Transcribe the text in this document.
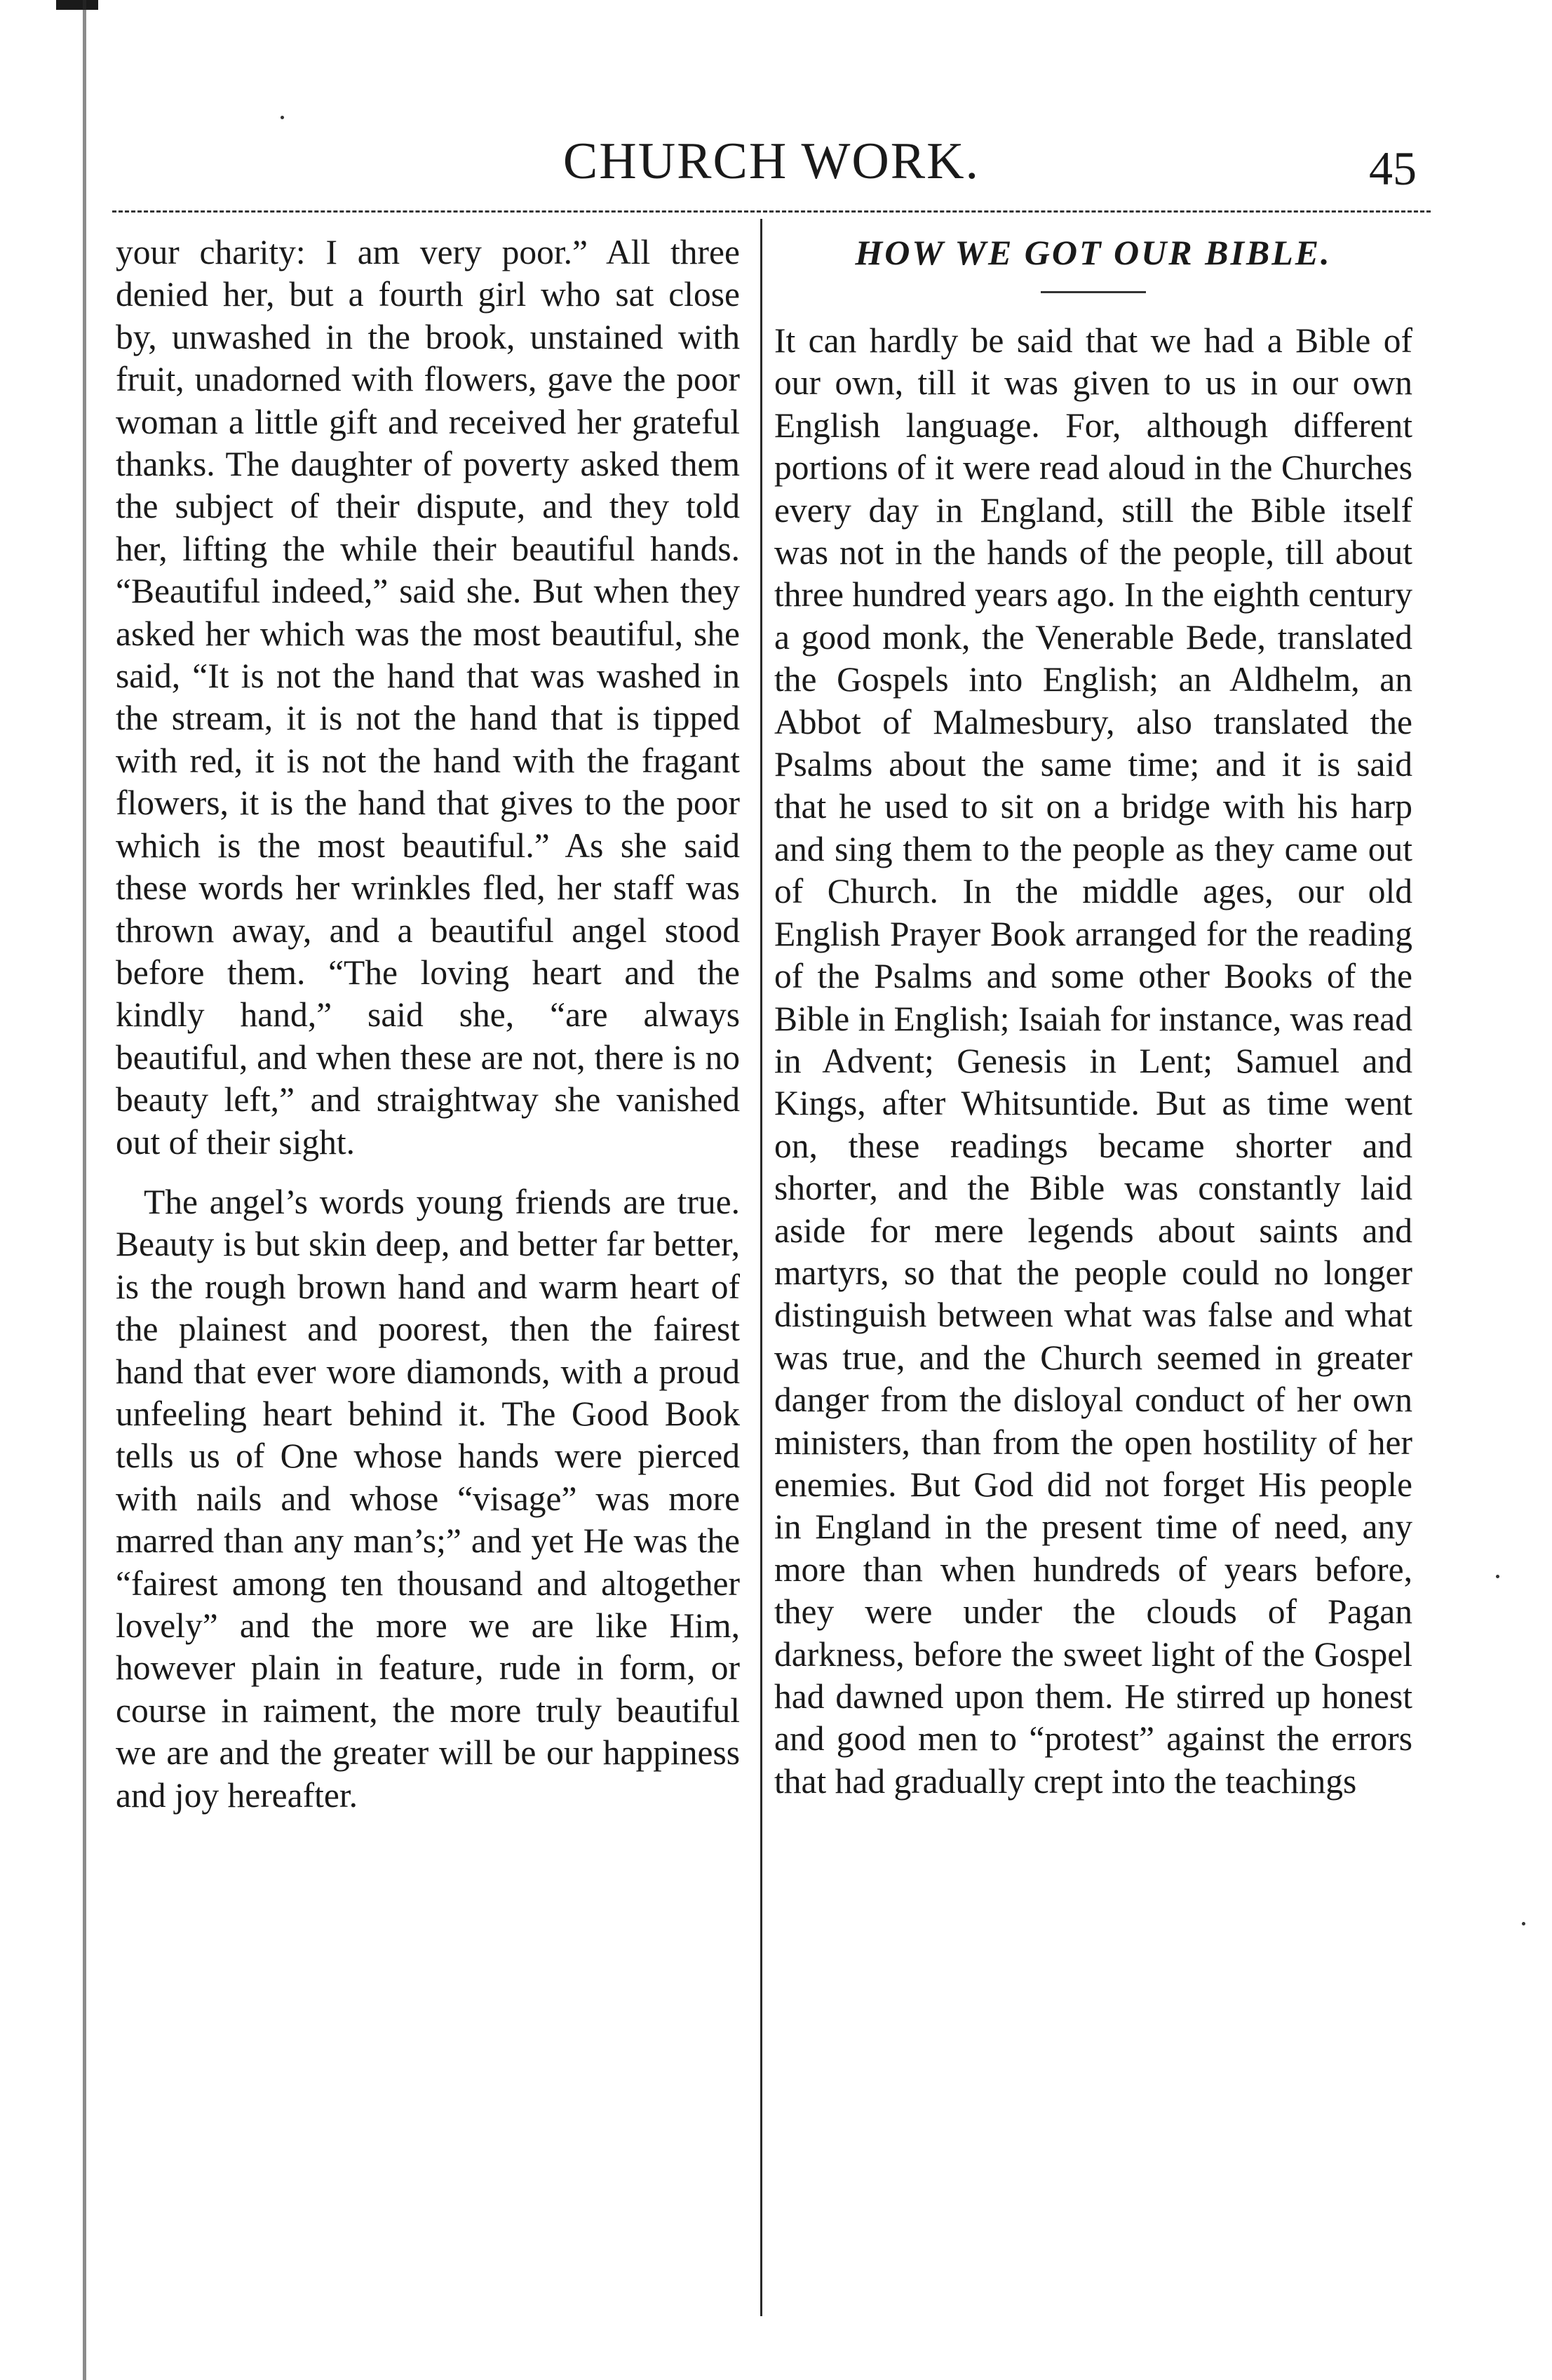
CHURCH WORK.	45

your charity: I am very poor.” All three denied her, but a fourth girl who sat close by, unwashed in the brook, unstained with fruit, unadorned with flowers, gave the poor woman a little gift and received her grateful thanks. The daughter of poverty asked them the subject of their dispute, and they told her, lifting the while their beautiful hands. “Beautiful indeed,” said she. But when they asked her which was the most beautiful, she said, “It is not the hand that was washed in the stream, it is not the hand that is tipped with red, it is not the hand with the fragant flowers, it is the hand that gives to the poor which is the most beautiful.” As she said these words her wrinkles fled, her staff was thrown away, and a beautiful angel stood before them. “The loving heart and the kindly hand,” said she, “are always beautiful, and when these are not, there is no beauty left,” and straightway she vanished out of their sight.

The angel’s words young friends are true. Beauty is but skin deep, and better far better, is the rough brown hand and warm heart of the plainest and poorest, then the fairest hand that ever wore diamonds, with a proud unfeeling heart behind it. The Good Book tells us of One whose hands were pierced with nails and whose “visage” was more marred than any man’s;” and yet He was the “fairest among ten thousand and altogether lovely” and the more we are like Him, however plain in feature, rude in form, or course in raiment, the more truly beautiful we are and the greater will be our happiness and joy hereafter.

HOW WE GOT OUR BIBLE.

It can hardly be said that we had a Bible of our own, till it was given to us in our own English language. For, although different portions of it were read aloud in the Churches every day in England, still the Bible itself was not in the hands of the people, till about three hundred years ago. In the eighth century a good monk, the Venerable Bede, translated the Gospels into English; an Aldhelm, an Abbot of Malmesbury, also translated the Psalms about the same time; and it is said that he used to sit on a bridge with his harp and sing them to the people as they came out of Church. In the middle ages, our old English Prayer Book arranged for the reading of the Psalms and some other Books of the Bible in English; Isaiah for instance, was read in Advent; Genesis in Lent; Samuel and Kings, after Whitsuntide. But as time went on, these readings became shorter and shorter, and the Bible was constantly laid aside for mere legends about saints and martyrs, so that the people could no longer distinguish between what was false and what was true, and the Church seemed in greater danger from the disloyal conduct of her own ministers, than from the open hostility of her enemies. But God did not forget His people in England in the present time of need, any more than when hundreds of years before, they were under the clouds of Pagan darkness, before the sweet light of the Gospel had dawned upon them. He stirred up honest and good men to “protest” against the errors that had gradually crept into the teachings
